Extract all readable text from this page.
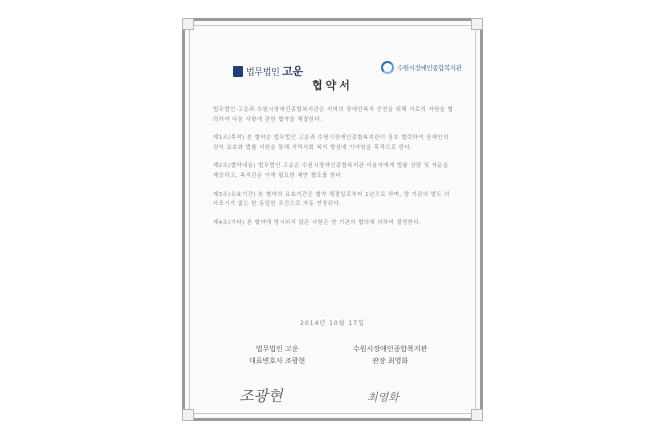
법무법인 고운	수원시장애인종합복지관
협약서

법무법인 고운과 수원시장애인종합복지관은 지역의 장애인복지 증진을 위해 서로의 자원을 협력하여 다음 사항에 관한 협약을 체결한다.

제1조(목적) 본 협약은 법무법인 고운과 수원시장애인종합복지관이 상호 협력하여 장애인의 권익 보호와 법률 지원을 통해 지역사회 복지 향상에 기여함을 목적으로 한다.

제2조(협약내용) 법무법인 고운은 수원시장애인종합복지관 이용자에게 법률 상담 및 자문을 제공하고, 복지관은 이에 필요한 제반 협조를 한다.

제3조(유효기간) 본 협약의 유효기간은 협약 체결일로부터 1년으로 하며, 양 기관의 별도 의사표시가 없는 한 동일한 조건으로 자동 연장된다.

제4조(기타) 본 협약에 명시되지 않은 사항은 양 기관의 협의에 의하여 결정한다.

2014년 10월 17일
법무법인 고운
대표변호사 조광현
수원시장애인종합복지관
관장 최영화
조광현	최영화
